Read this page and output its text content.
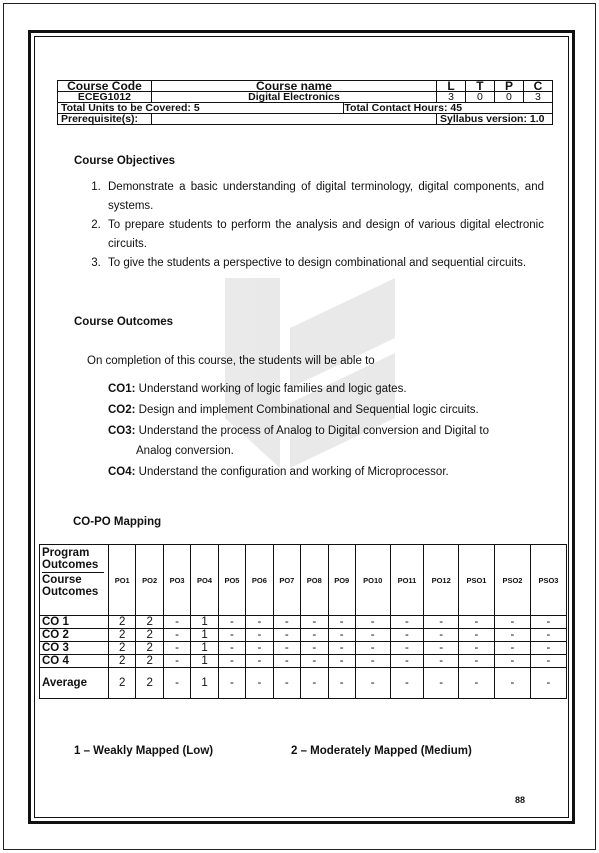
Course Code	Course name		L	T	P	C
ECEG1012	Digital Electronics		3	0	0	3
Total Units to be Covered: 5		Total Contact Hours: 45				
Prerequisite(s):			Syllabus version: 1.0			
Course Objectives
1. Demonstrate a basic understanding of digital terminology, digital components, and systems.
2. To prepare students to perform the analysis and design of various digital electronic circuits.
3. To give the students a perspective to design combinational and sequential circuits.
Course Outcomes
On completion of this course, the students will be able to
CO1: Understand working of logic families and logic gates.
CO2: Design and implement Combinational and Sequential logic circuits.
CO3: Understand the process of Analog to Digital conversion and Digital to
Analog conversion.
CO4: Understand the configuration and working of Microprocessor.
CO-PO Mapping
Program
Outcomes
Course
Outcomes	PO1	PO2	PO3	PO4	PO5	PO6	PO7	PO8	PO9	PO10	PO11	PO12	PSO1	PSO2	PSO3
CO 1	2	2	-	1	-	-	-	-	-	-	-	-	-	-	-
CO 2	2	2	-	1	-	-	-	-	-	-	-	-	-	-	-
CO 3	2	2	-	1	-	-	-	-	-	-	-	-	-	-	-
CO 4	2	2	-	1	-	-	-	-	-	-	-	-	-	-	-
Average	2	2	-	1	-	-	-	-	-	-	-	-	-	-	-
1 – Weakly Mapped (Low)	2 – Moderately Mapped (Medium)
88
